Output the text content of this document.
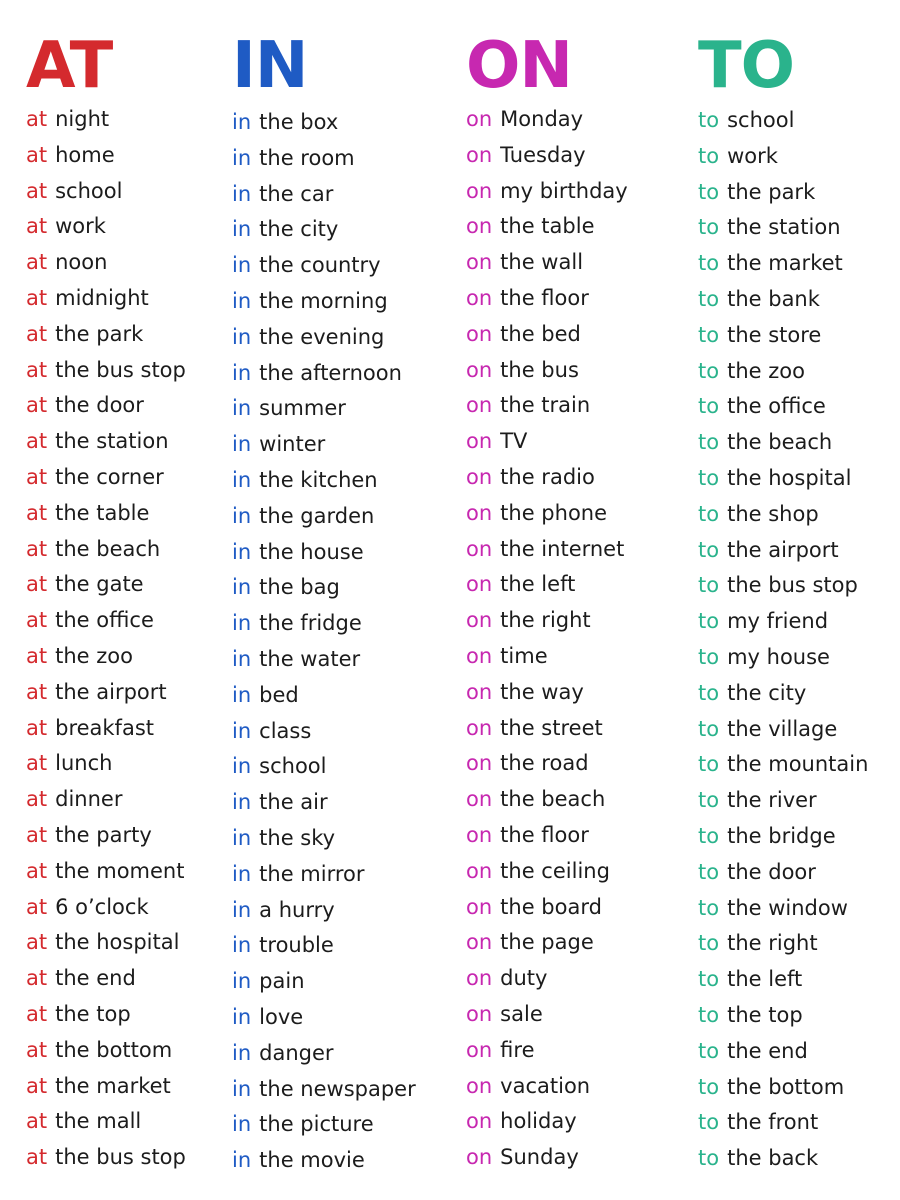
AT
at night
at home
at school
at work
at noon
at midnight
at the park
at the bus stop
at the door
at the station
at the corner
at the table
at the beach
at the gate
at the office
at the zoo
at the airport
at breakfast
at lunch
at dinner
at the party
at the moment
at 6 o’clock
at the hospital
at the end
at the top
at the bottom
at the market
at the mall
at the bus stop
IN
in the box
in the room
in the car
in the city
in the country
in the morning
in the evening
in the afternoon
in summer
in winter
in the kitchen
in the garden
in the house
in the bag
in the fridge
in the water
in bed
in class
in school
in the air
in the sky
in the mirror
in a hurry
in trouble
in pain
in love
in danger
in the newspaper
in the picture
in the movie
ON
on Monday
on Tuesday
on my birthday
on the table
on the wall
on the floor
on the bed
on the bus
on the train
on TV
on the radio
on the phone
on the internet
on the left
on the right
on time
on the way
on the street
on the road
on the beach
on the floor
on the ceiling
on the board
on the page
on duty
on sale
on fire
on vacation
on holiday
on Sunday
TO
to school
to work
to the park
to the station
to the market
to the bank
to the store
to the zoo
to the office
to the beach
to the hospital
to the shop
to the airport
to the bus stop
to my friend
to my house
to the city
to the village
to the mountain
to the river
to the bridge
to the door
to the window
to the right
to the left
to the top
to the end
to the bottom
to the front
to the back
